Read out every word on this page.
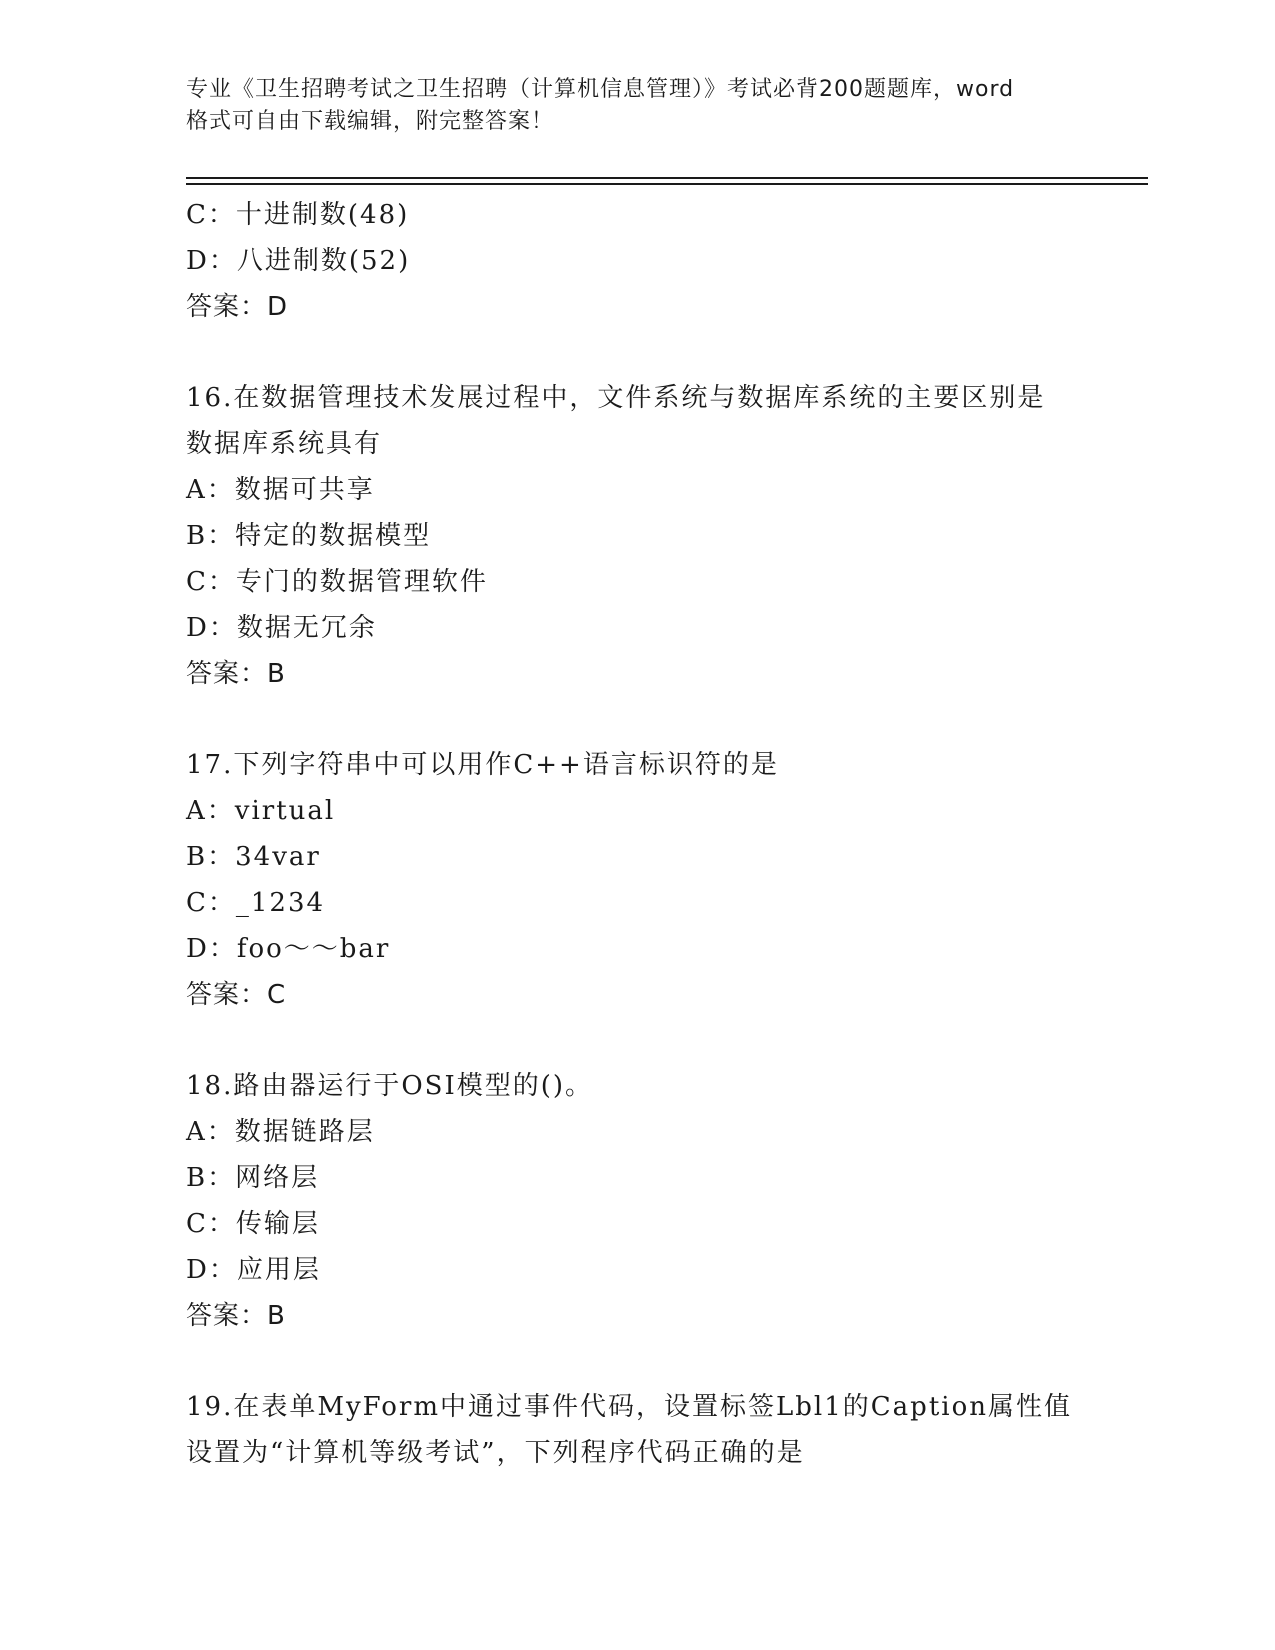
专业《卫生招聘考试之卫生招聘（计算机信息管理）》考试必背200题题库，word
格式可自由下载编辑，附完整答案！
C：十进制数(48)
D：八进制数(52)
答案：D
16.在数据管理技术发展过程中，文件系统与数据库系统的主要区别是
数据库系统具有
A：数据可共享
B：特定的数据模型
C：专门的数据管理软件
D：数据无冗余
答案：B
17.下列字符串中可以用作C++语言标识符的是
A：virtual
B：34var
C：_1234
D：foo～～bar
答案：C
18.路由器运行于OSI模型的()。
A：数据链路层
B：网络层
C：传输层
D：应用层
答案：B
19.在表单MyForm中通过事件代码，设置标签Lbl1的Caption属性值
设置为“计算机等级考试”，下列程序代码正确的是
